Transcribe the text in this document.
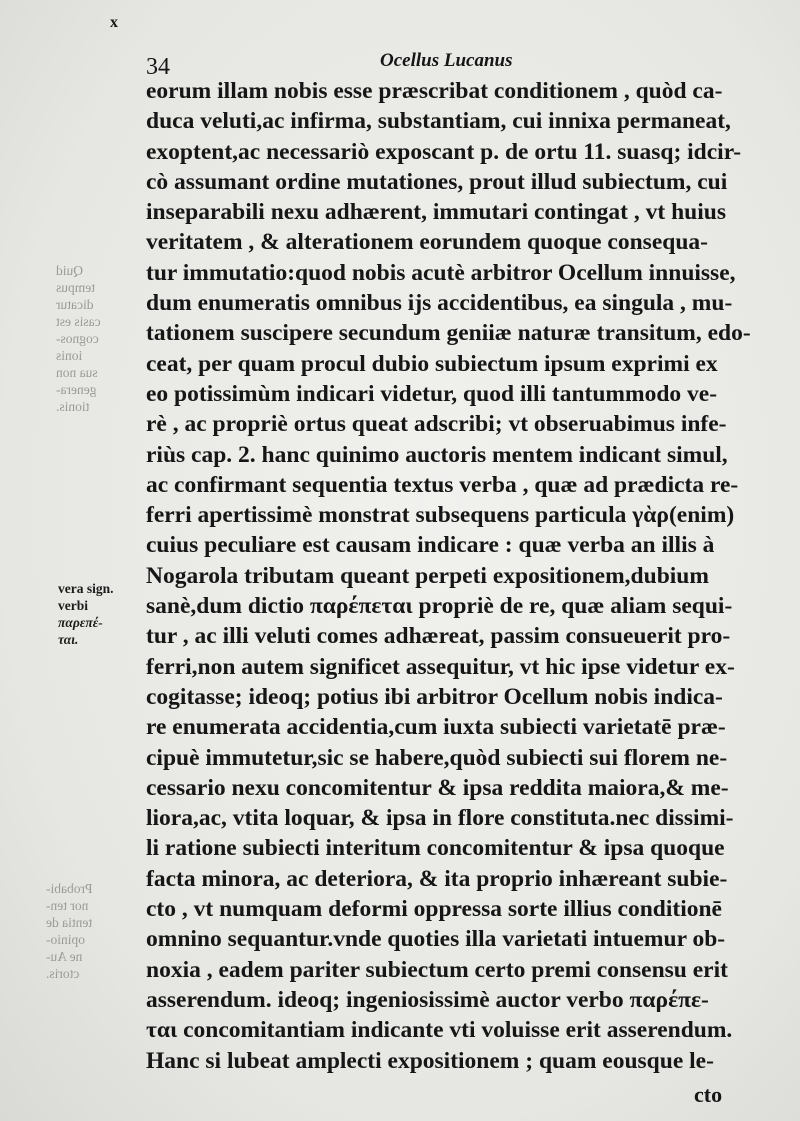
x
34	Ocellus Lucanus
eorum illam nobis esse præscribat conditionem , quòd ca-
duca veluti,ac infirma, substantiam, cui innixa permaneat,
exoptent,ac necessariò exposcant p. de ortu 11. suasq; idcir-
cò assumant ordine mutationes, prout illud subiectum, cui
inseparabili nexu adhærent, immutari contingat , vt huius
veritatem , & alterationem eorundem quoque consequa-
tur immutatio:quod nobis acutè arbitror Ocellum innuisse,
dum enumeratis omnibus ijs accidentibus, ea singula , mu-
tationem suscipere secundum geniiæ naturæ transitum, edo-
ceat, per quam procul dubio subiectum ipsum exprimi ex
eo potissimùm indicari videtur, quod illi tantummodo ve-
rè , ac propriè ortus queat adscribi; vt obseruabimus infe-
riùs cap. 2. hanc quinimo auctoris mentem indicant simul,
ac confirmant sequentia textus verba , quæ ad prædicta re-
ferri apertissimè monstrat subsequens particula γὰρ(enim)
cuius peculiare est causam indicare : quæ verba an illis à
Nogarola tributam queant perpeti expositionem,dubium
sanè,dum dictio παρέπεται propriè de re, quæ aliam sequi-
tur , ac illi veluti comes adhæreat, passim consueuerit pro-
ferri,non autem significet assequitur, vt hic ipse videtur ex-
cogitasse; ideoq; potius ibi arbitror Ocellum nobis indica-
re enumerata accidentia,cum iuxta subiecti varietatē præ-
cipuè immutetur,sic se habere,quòd subiecti sui florem ne-
cessario nexu concomitentur & ipsa reddita maiora,& me-
liora,ac, vtita loquar, & ipsa in flore constituta.nec dissimi-
li ratione subiecti interitum concomitentur & ipsa quoque
facta minora, ac deteriora, & ita proprio inhæreant subie-
cto , vt numquam deformi oppressa sorte illius conditionē
omnino sequantur.vnde quoties illa varietati intuemur ob-
noxia , eadem pariter subiectum certo premi consensu erit
asserendum. ideoq; ingeniosissimè auctor verbo παρέπε-
ται concomitantiam indicante vti voluisse erit asserendum.
Hanc si lubeat amplecti expositionem ; quam eousque le-
vera sign.
verbi
παρεπέ-
ται.
Quid
tempus
dicatur
casis est
cognos-
ionis
sua non
genera-
tionis.
Probabi-
nor ten-
tentia de
opinio-
ne Au-
ctoris.
cto
